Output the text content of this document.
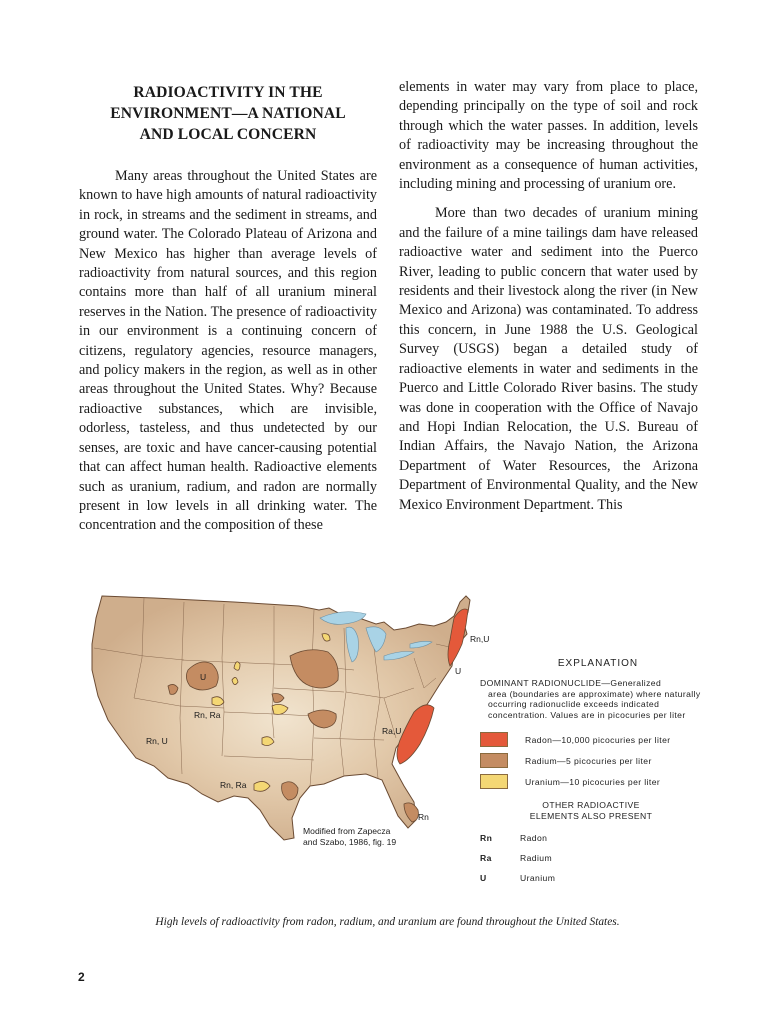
RADIOACTIVITY IN THE
ENVIRONMENT—A NATIONAL
AND LOCAL CONCERN

Many areas throughout the United States are known to have high amounts of natural radioactivity in rock, in streams and the sediment in streams, and ground water. The Colorado Plateau of Arizona and New Mexico has higher than average levels of radioactivity from natural sources, and this region contains more than half of all uranium mineral reserves in the Nation. The presence of radioactivity in our environment is a continuing concern of citizens, regulatory agencies, resource managers, and policy makers in the region, as well as in other areas throughout the United States. Why? Because radioactive substances, which are invisible, odorless, tasteless, and thus undetected by our senses, are toxic and have cancer-causing potential that can affect human health. Radioactive elements such as uranium, radium, and radon are normally present in low levels in all drinking water. The concentration and the composition of these

elements in water may vary from place to place, depending principally on the type of soil and rock through which the water passes. In addition, levels of radioactivity may be increasing throughout the environment as a consequence of human activities, including mining and processing of uranium ore.

More than two decades of uranium mining and the failure of a mine tailings dam have released radioactive water and sediment into the Puerco River, leading to public concern that water used by residents and their livestock along the river (in New Mexico and Arizona) was contaminated. To address this concern, in June 1988 the U.S. Geological Survey (USGS) began a detailed study of radioactive elements in water and sediments in the Puerco and Little Colorado River basins. The study was done in cooperation with the Office of Navajo and Hopi Indian Relocation, the U.S. Bureau of Indian Affairs, the Navajo Nation, the Arizona Department of Water Resources, the Arizona Department of Environmental Quality, and the New Mexico Environment Department. This

Rn,U
U
U
Rn, Ra
Rn, U
Ra,U
Rn, Ra
Rn
Modified from Zapecza
and Szabo, 1986, fig. 19
EXPLANATION
DOMINANT RADIONUCLIDE—Generalized
area (boundaries are approximate) where naturally occurring radionuclide exceeds indicated concentration. Values are in picocuries per liter
Radon—10,000 picocuries per liter
Radium—5 picocuries per liter
Uranium—10 picocuries per liter
OTHER RADIOACTIVE
ELEMENTS ALSO PRESENT
Rn	Radon
Ra	Radium
U	Uranium
High levels of radioactivity from radon, radium, and uranium are found throughout the United States.
2
